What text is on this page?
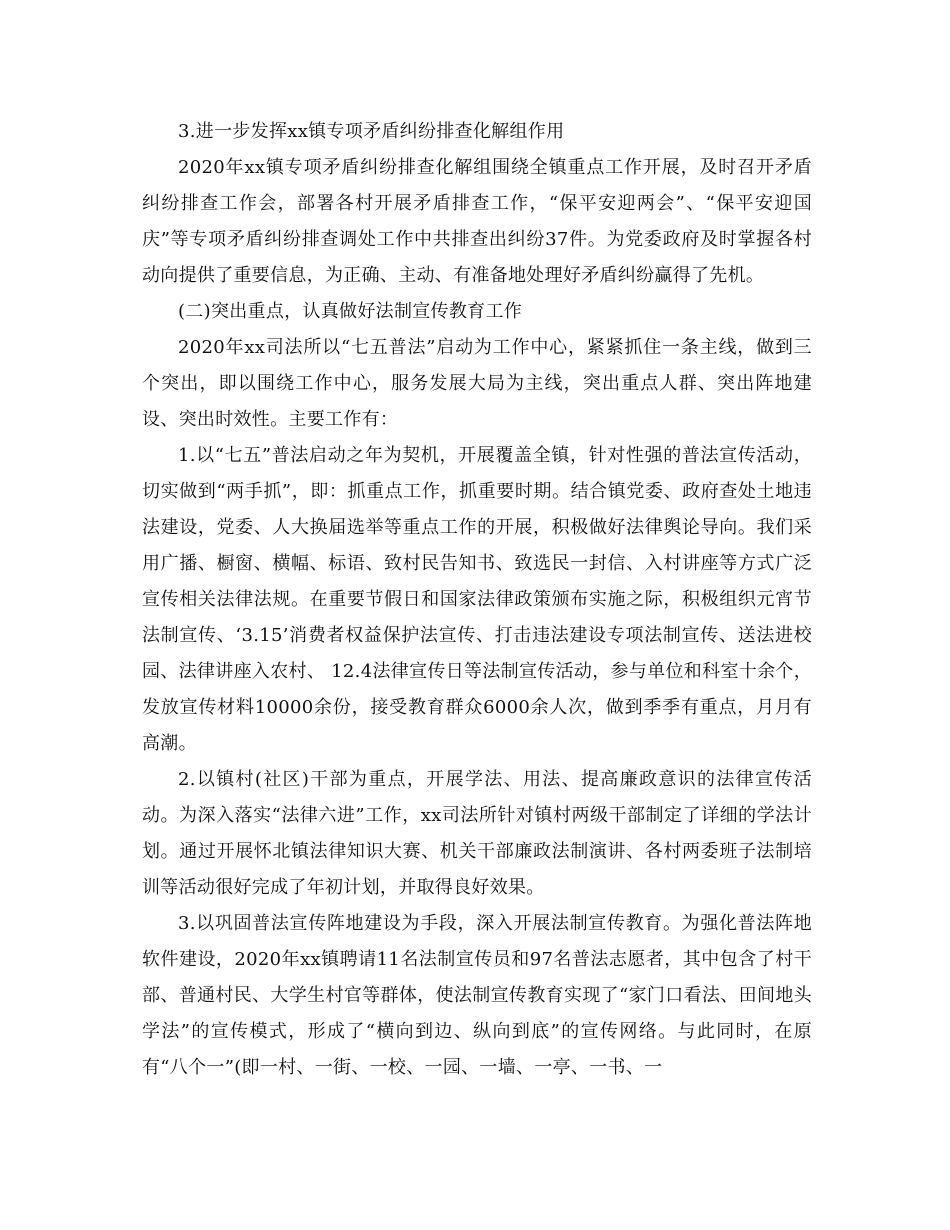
3.进一步发挥xx镇专项矛盾纠纷排查化解组作用

2020年xx镇专项矛盾纠纷排查化解组围绕全镇重点工作开展，及时召开矛盾纠纷排查工作会，部署各村开展矛盾排查工作，“保平安迎两会”、“保平安迎国庆”等专项矛盾纠纷排查调处工作中共排查出纠纷37件。为党委政府及时掌握各村动向提供了重要信息，为正确、主动、有准备地处理好矛盾纠纷赢得了先机。

(二)突出重点，认真做好法制宣传教育工作

2020年xx司法所以“七五普法”启动为工作中心，紧紧抓住一条主线，做到三个突出，即以围绕工作中心，服务发展大局为主线，突出重点人群、突出阵地建设、突出时效性。主要工作有：

1.以“七五”普法启动之年为契机，开展覆盖全镇，针对性强的普法宣传活动，切实做到“两手抓”，即：抓重点工作，抓重要时期。结合镇党委、政府查处土地违法建设，党委、人大换届选举等重点工作的开展，积极做好法律舆论导向。我们采用广播、橱窗、横幅、标语、致村民告知书、致选民一封信、入村讲座等方式广泛宣传相关法律法规。在重要节假日和国家法律政策颁布实施之际，积极组织元宵节法制宣传、‘3.15’消费者权益保护法宣传、打击违法建设专项法制宣传、送法进校园、法律讲座入农村、 12.4法律宣传日等法制宣传活动，参与单位和科室十余个，发放宣传材料10000余份，接受教育群众6000余人次，做到季季有重点，月月有高潮。

2.以镇村(社区)干部为重点，开展学法、用法、提高廉政意识的法律宣传活动。为深入落实“法律六进”工作，xx司法所针对镇村两级干部制定了详细的学法计划。通过开展怀北镇法律知识大赛、机关干部廉政法制演讲、各村两委班子法制培训等活动很好完成了年初计划，并取得良好效果。

3.以巩固普法宣传阵地建设为手段，深入开展法制宣传教育。为强化普法阵地软件建设，2020年xx镇聘请11名法制宣传员和97名普法志愿者，其中包含了村干部、普通村民、大学生村官等群体，使法制宣传教育实现了“家门口看法、田间地头学法”的宣传模式，形成了“横向到边、纵向到底”的宣传网络。与此同时，在原有“八个一”(即一村、一街、一校、一园、一墙、一亭、一书、一
